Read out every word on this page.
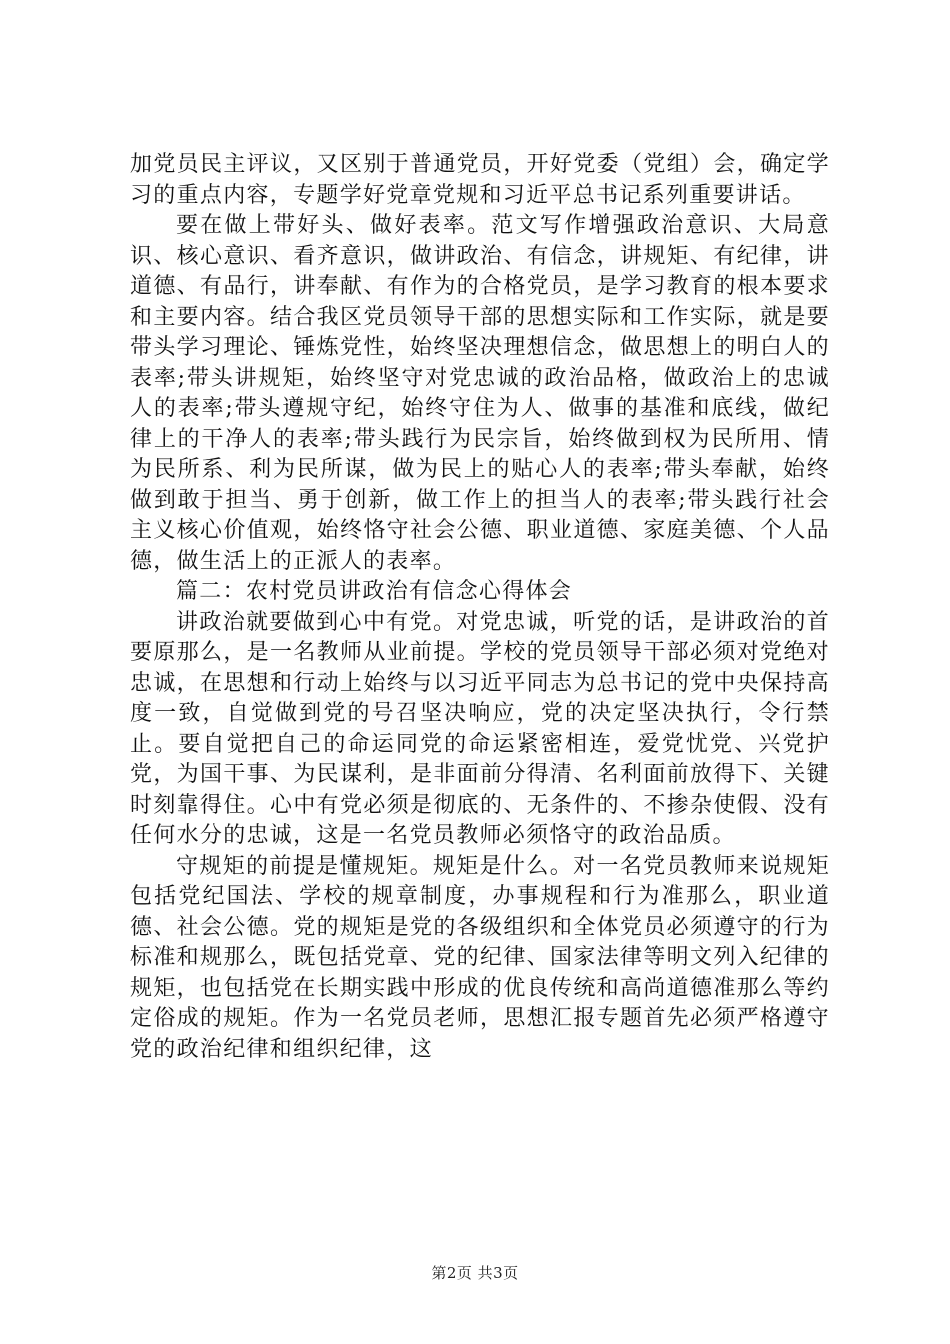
加党员民主评议，又区别于普通党员，开好党委（党组）会，确定学习的重点内容，专题学好党章党规和习近平总书记系列重要讲话。

要在做上带好头、做好表率。范文写作增强政治意识、大局意识、核心意识、看齐意识，做讲政治、有信念，讲规矩、有纪律，讲道德、有品行，讲奉献、有作为的合格党员，是学习教育的根本要求和主要内容。结合我区党员领导干部的思想实际和工作实际，就是要带头学习理论、锤炼党性，始终坚决理想信念，做思想上的明白人的表率;带头讲规矩，始终坚守对党忠诚的政治品格，做政治上的忠诚人的表率;带头遵规守纪，始终守住为人、做事的基准和底线，做纪律上的干净人的表率;带头践行为民宗旨，始终做到权为民所用、情为民所系、利为民所谋，做为民上的贴心人的表率;带头奉献，始终做到敢于担当、勇于创新，做工作上的担当人的表率;带头践行社会主义核心价值观，始终恪守社会公德、职业道德、家庭美德、个人品德，做生活上的正派人的表率。

篇二：农村党员讲政治有信念心得体会

讲政治就要做到心中有党。对党忠诚，听党的话，是讲政治的首要原那么，是一名教师从业前提。学校的党员领导干部必须对党绝对忠诚，在思想和行动上始终与以习近平同志为总书记的党中央保持高度一致，自觉做到党的号召坚决响应，党的决定坚决执行，令行禁止。要自觉把自己的命运同党的命运紧密相连，爱党忧党、兴党护党，为国干事、为民谋利，是非面前分得清、名利面前放得下、关键时刻靠得住。心中有党必须是彻底的、无条件的、不掺杂使假、没有任何水分的忠诚，这是一名党员教师必须恪守的政治品质。

守规矩的前提是懂规矩。规矩是什么。对一名党员教师来说规矩包括党纪国法、学校的规章制度，办事规程和行为准那么，职业道德、社会公德。党的规矩是党的各级组织和全体党员必须遵守的行为标准和规那么，既包括党章、党的纪律、国家法律等明文列入纪律的规矩，也包括党在长期实践中形成的优良传统和高尚道德准那么等约定俗成的规矩。作为一名党员老师，思想汇报专题首先必须严格遵守党的政治纪律和组织纪律，这

第2页 共3页
